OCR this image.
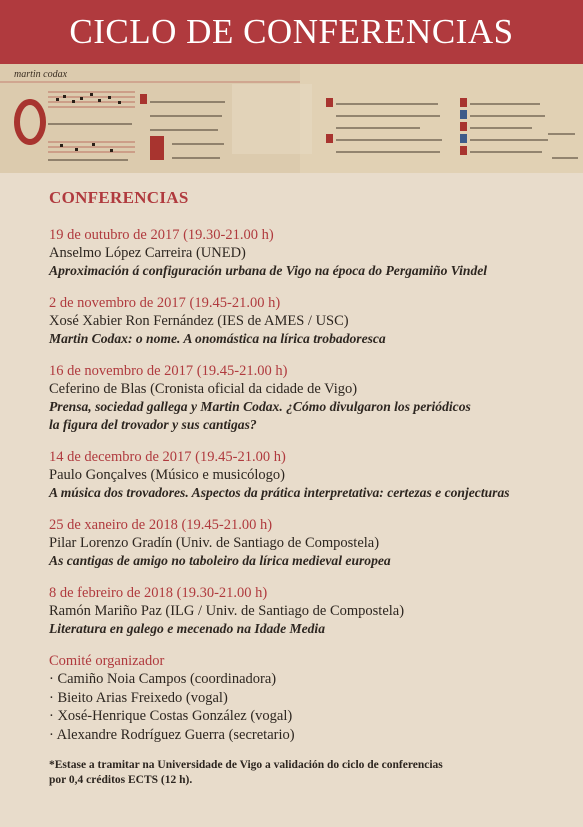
CICLO DE CONFERENCIAS
martin codax
CONFERENCIAS
19 de outubro de 2017 (19.30-21.00 h)
Anselmo López Carreira (UNED)
Aproximación á configuración urbana de Vigo na época do Pergamiño Vindel
2 de novembro de 2017 (19.45-21.00 h)
Xosé Xabier Ron Fernández (IES de AMES / USC)
Martin Codax: o nome. A onomástica na lírica trobadoresca
16 de novembro de 2017 (19.45-21.00 h)
Ceferino de Blas (Cronista oficial da cidade de Vigo)
Prensa, sociedad gallega y Martin Codax. ¿Cómo divulgaron los periódicos
la figura del trovador y sus cantigas?
14 de decembro de 2017 (19.45-21.00 h)
Paulo Gonçalves (Músico e musicólogo)
A música dos trovadores. Aspectos da prática interpretativa: certezas e conjecturas
25 de xaneiro de 2018 (19.45-21.00 h)
Pilar Lorenzo Gradín (Univ. de Santiago de Compostela)
As cantigas de amigo no taboleiro da lírica medieval europea
8 de febreiro de 2018 (19.30-21.00 h)
Ramón Mariño Paz (ILG / Univ. de Santiago de Compostela)
Literatura en galego e mecenado na Idade Media
Comité organizador
· Camiño Noia Campos (coordinadora)
· Bieito Arias Freixedo (vogal)
· Xosé-Henrique Costas González (vogal)
· Alexandre Rodríguez Guerra (secretario)
*Estase a tramitar na Universidade de Vigo a validación do ciclo de conferencias
por 0,4 créditos ECTS (12 h).
